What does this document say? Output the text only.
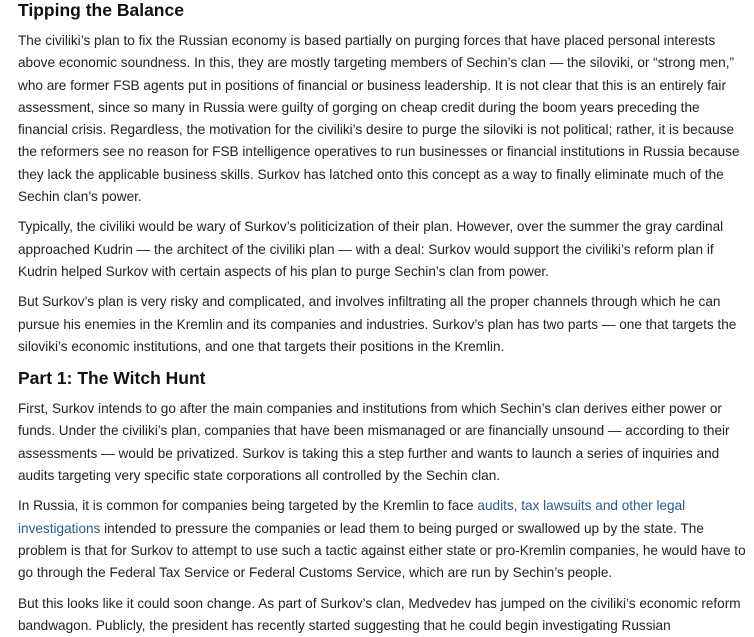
Tipping the Balance

The civiliki’s plan to fix the Russian economy is based partially on purging forces that have placed personal interests above economic soundness. In this, they are mostly targeting members of Sechin’s clan — the siloviki, or “strong men,” who are former FSB agents put in positions of financial or business leadership. It is not clear that this is an entirely fair assessment, since so many in Russia were guilty of gorging on cheap credit during the boom years preceding the financial crisis. Regardless, the motivation for the civiliki’s desire to purge the siloviki is not political; rather, it is because the reformers see no reason for FSB intelligence operatives to run businesses or financial institutions in Russia because they lack the applicable business skills. Surkov has latched onto this concept as a way to finally eliminate much of the Sechin clan’s power.

Typically, the civiliki would be wary of Surkov’s politicization of their plan. However, over the summer the gray cardinal approached Kudrin — the architect of the civiliki plan — with a deal: Surkov would support the civiliki’s reform plan if Kudrin helped Surkov with certain aspects of his plan to purge Sechin’s clan from power.

But Surkov’s plan is very risky and complicated, and involves infiltrating all the proper channels through which he can pursue his enemies in the Kremlin and its companies and industries. Surkov’s plan has two parts — one that targets the siloviki’s economic institutions, and one that targets their positions in the Kremlin.

Part 1: The Witch Hunt

First, Surkov intends to go after the main companies and institutions from which Sechin’s clan derives either power or funds. Under the civiliki’s plan, companies that have been mismanaged or are financially unsound — according to their assessments — would be privatized. Surkov is taking this a step further and wants to launch a series of inquiries and audits targeting very specific state corporations all controlled by the Sechin clan.

In Russia, it is common for companies being targeted by the Kremlin to face audits, tax lawsuits and other legal investigations intended to pressure the companies or lead them to being purged or swallowed up by the state. The problem is that for Surkov to attempt to use such a tactic against either state or pro-Kremlin companies, he would have to go through the Federal Tax Service or Federal Customs Service, which are run by Sechin’s people.

But this looks like it could soon change. As part of Surkov’s clan, Medvedev has jumped on the civiliki’s economic reform bandwagon. Publicly, the president has recently started suggesting that he could begin investigating Russian
